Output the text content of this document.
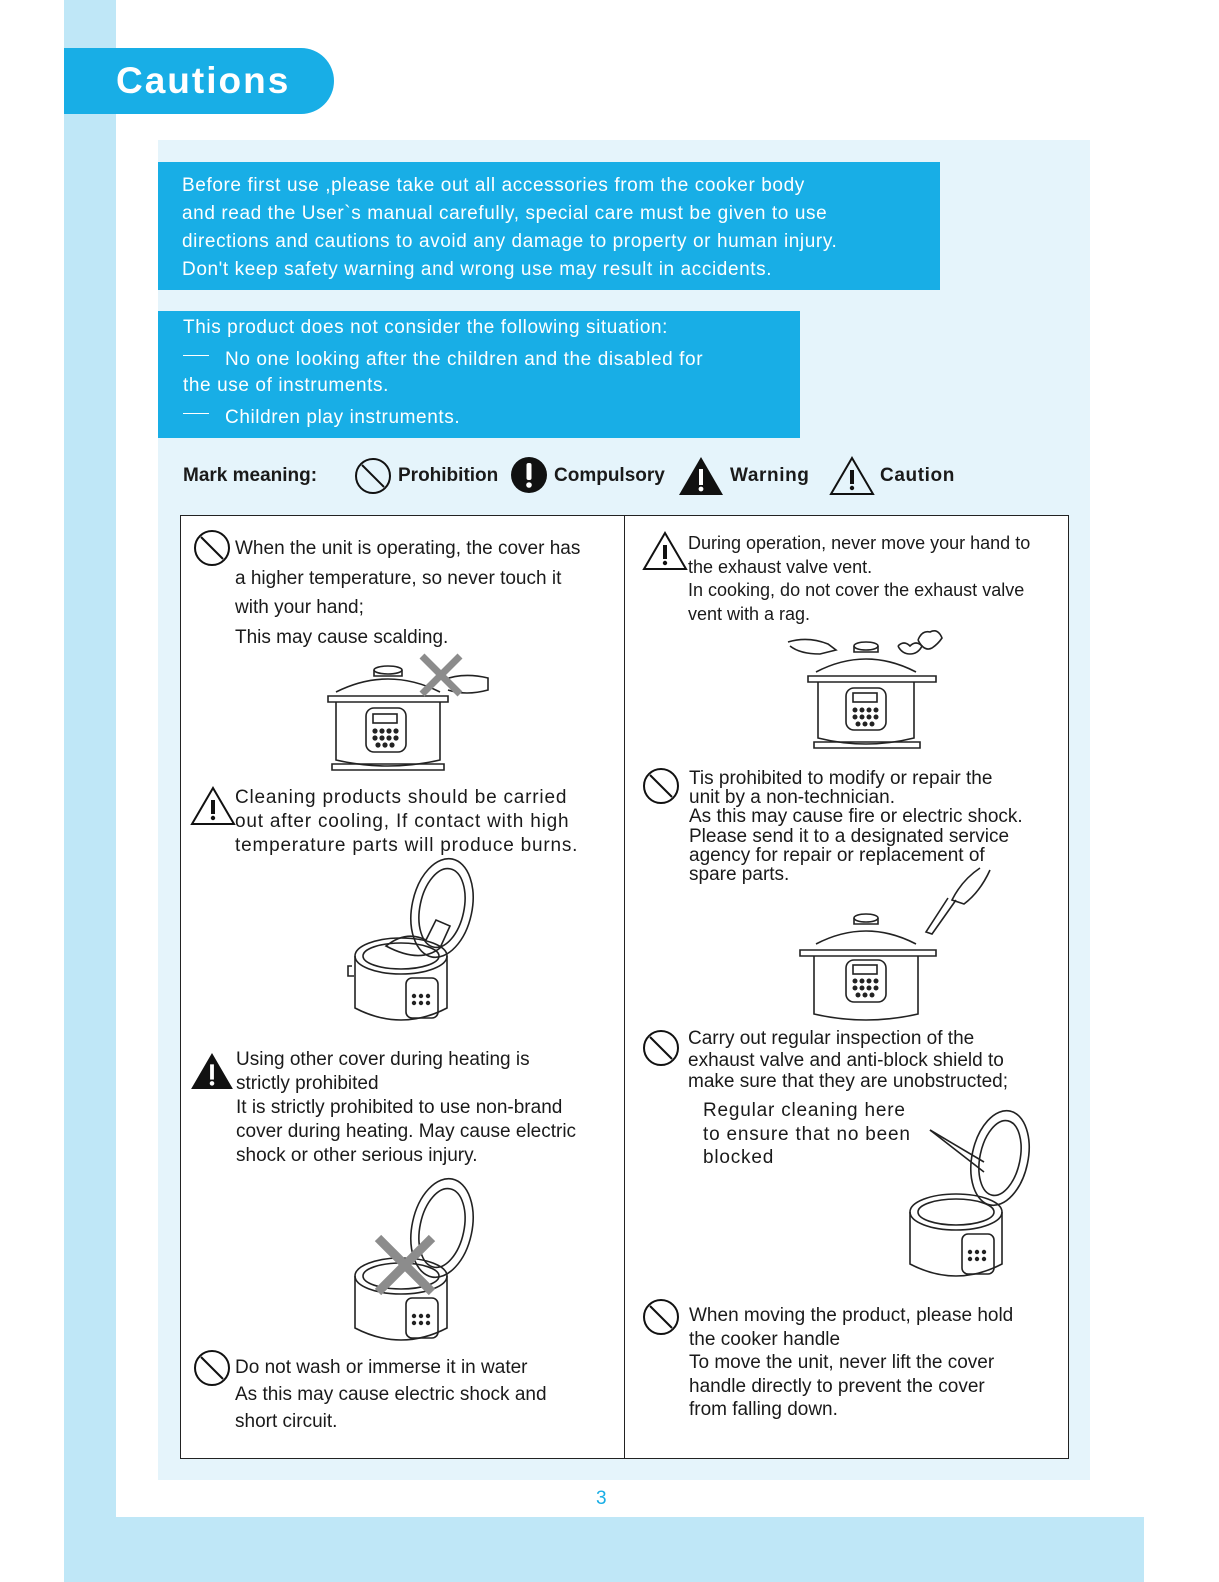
Cautions

Before first use ,please take out all accessories from the cooker body
and read the User`s manual carefully, special care must be given to use
directions and cautions to avoid any damage to property or human injury.
Don't keep safety warning and wrong use may result in accidents.

This product does not consider the following situation:
No one looking after the children and the disabled for
the use of instruments.
Children play instruments.
Mark meaning:	Prohibition	Compulsory	Warning	Caution
When the unit is operating, the cover has
a higher temperature, so never touch it
with your hand;
This may cause scalding.
Cleaning products should be carried
out after cooling, If contact with high
temperature parts will produce burns.
Using other cover during heating is
strictly prohibited
It is strictly prohibited to use non-brand
cover during heating. May cause electric
shock or other serious injury.
Do not wash or immerse it in water
As this may cause electric shock and
short circuit.
During operation, never move your hand to
the exhaust valve vent.
In cooking, do not cover the exhaust valve
vent with a rag.
Tis prohibited to modify or repair the
unit by a non-technician.
As this may cause fire or electric shock.
Please send it to a designated service
agency for repair or replacement of
spare parts.
Carry out regular inspection of the
exhaust valve and anti-block shield to
make sure that they are unobstructed;
Regular cleaning here
to ensure that no been
blocked
When moving the product, please hold
the cooker handle
To move the unit, never lift the cover
handle directly to prevent the cover
from falling down.
3
